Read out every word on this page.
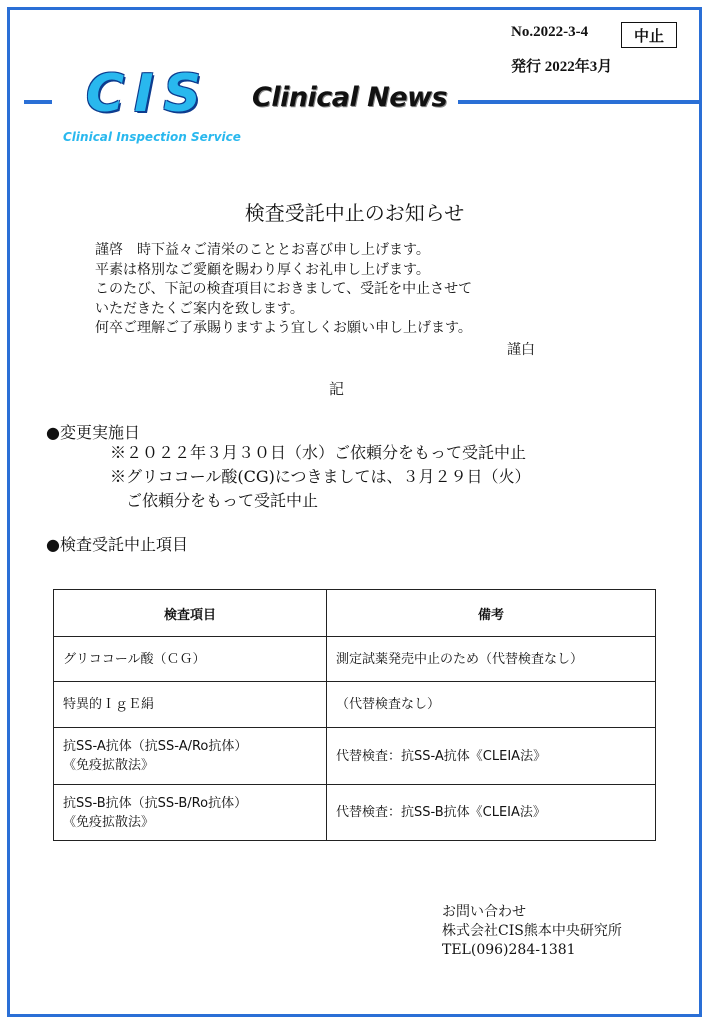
No.2022-3-4	中止
発行 2022年3月
CIS
Clinical Inspection Service
Clinical News
検査受託中止のお知らせ
謹啓　時下益々ご清栄のこととお喜び申し上げます。
平素は格別なご愛顧を賜わり厚くお礼申し上げます。
このたび、下記の検査項目におきまして、受託を中止させて
いただきたくご案内を致します。
何卒ご理解ご了承賜りますよう宜しくお願い申し上げます。
謹白
記
●変更実施日
※２０２２年３月３０日（水）ご依頼分をもって受託中止
※グリココール酸(CG)につきましては、３月２９日（火）
ご依頼分をもって受託中止
●検査受託中止項目
検査項目	備考
グリココール酸（ＣＧ）	測定試薬発売中止のため（代替検査なし）
特異的ＩｇＥ絹	（代替検査なし）

抗SS-A抗体（抗SS-A/Ro抗体）
《免疫拡散法》	代替検査：抗SS-A抗体《CLEIA法》

抗SS-B抗体（抗SS-B/Ro抗体）
《免疫拡散法》	代替検査：抗SS-B抗体《CLEIA法》
お問い合わせ
株式会社CIS熊本中央研究所
TEL(096)284-1381
